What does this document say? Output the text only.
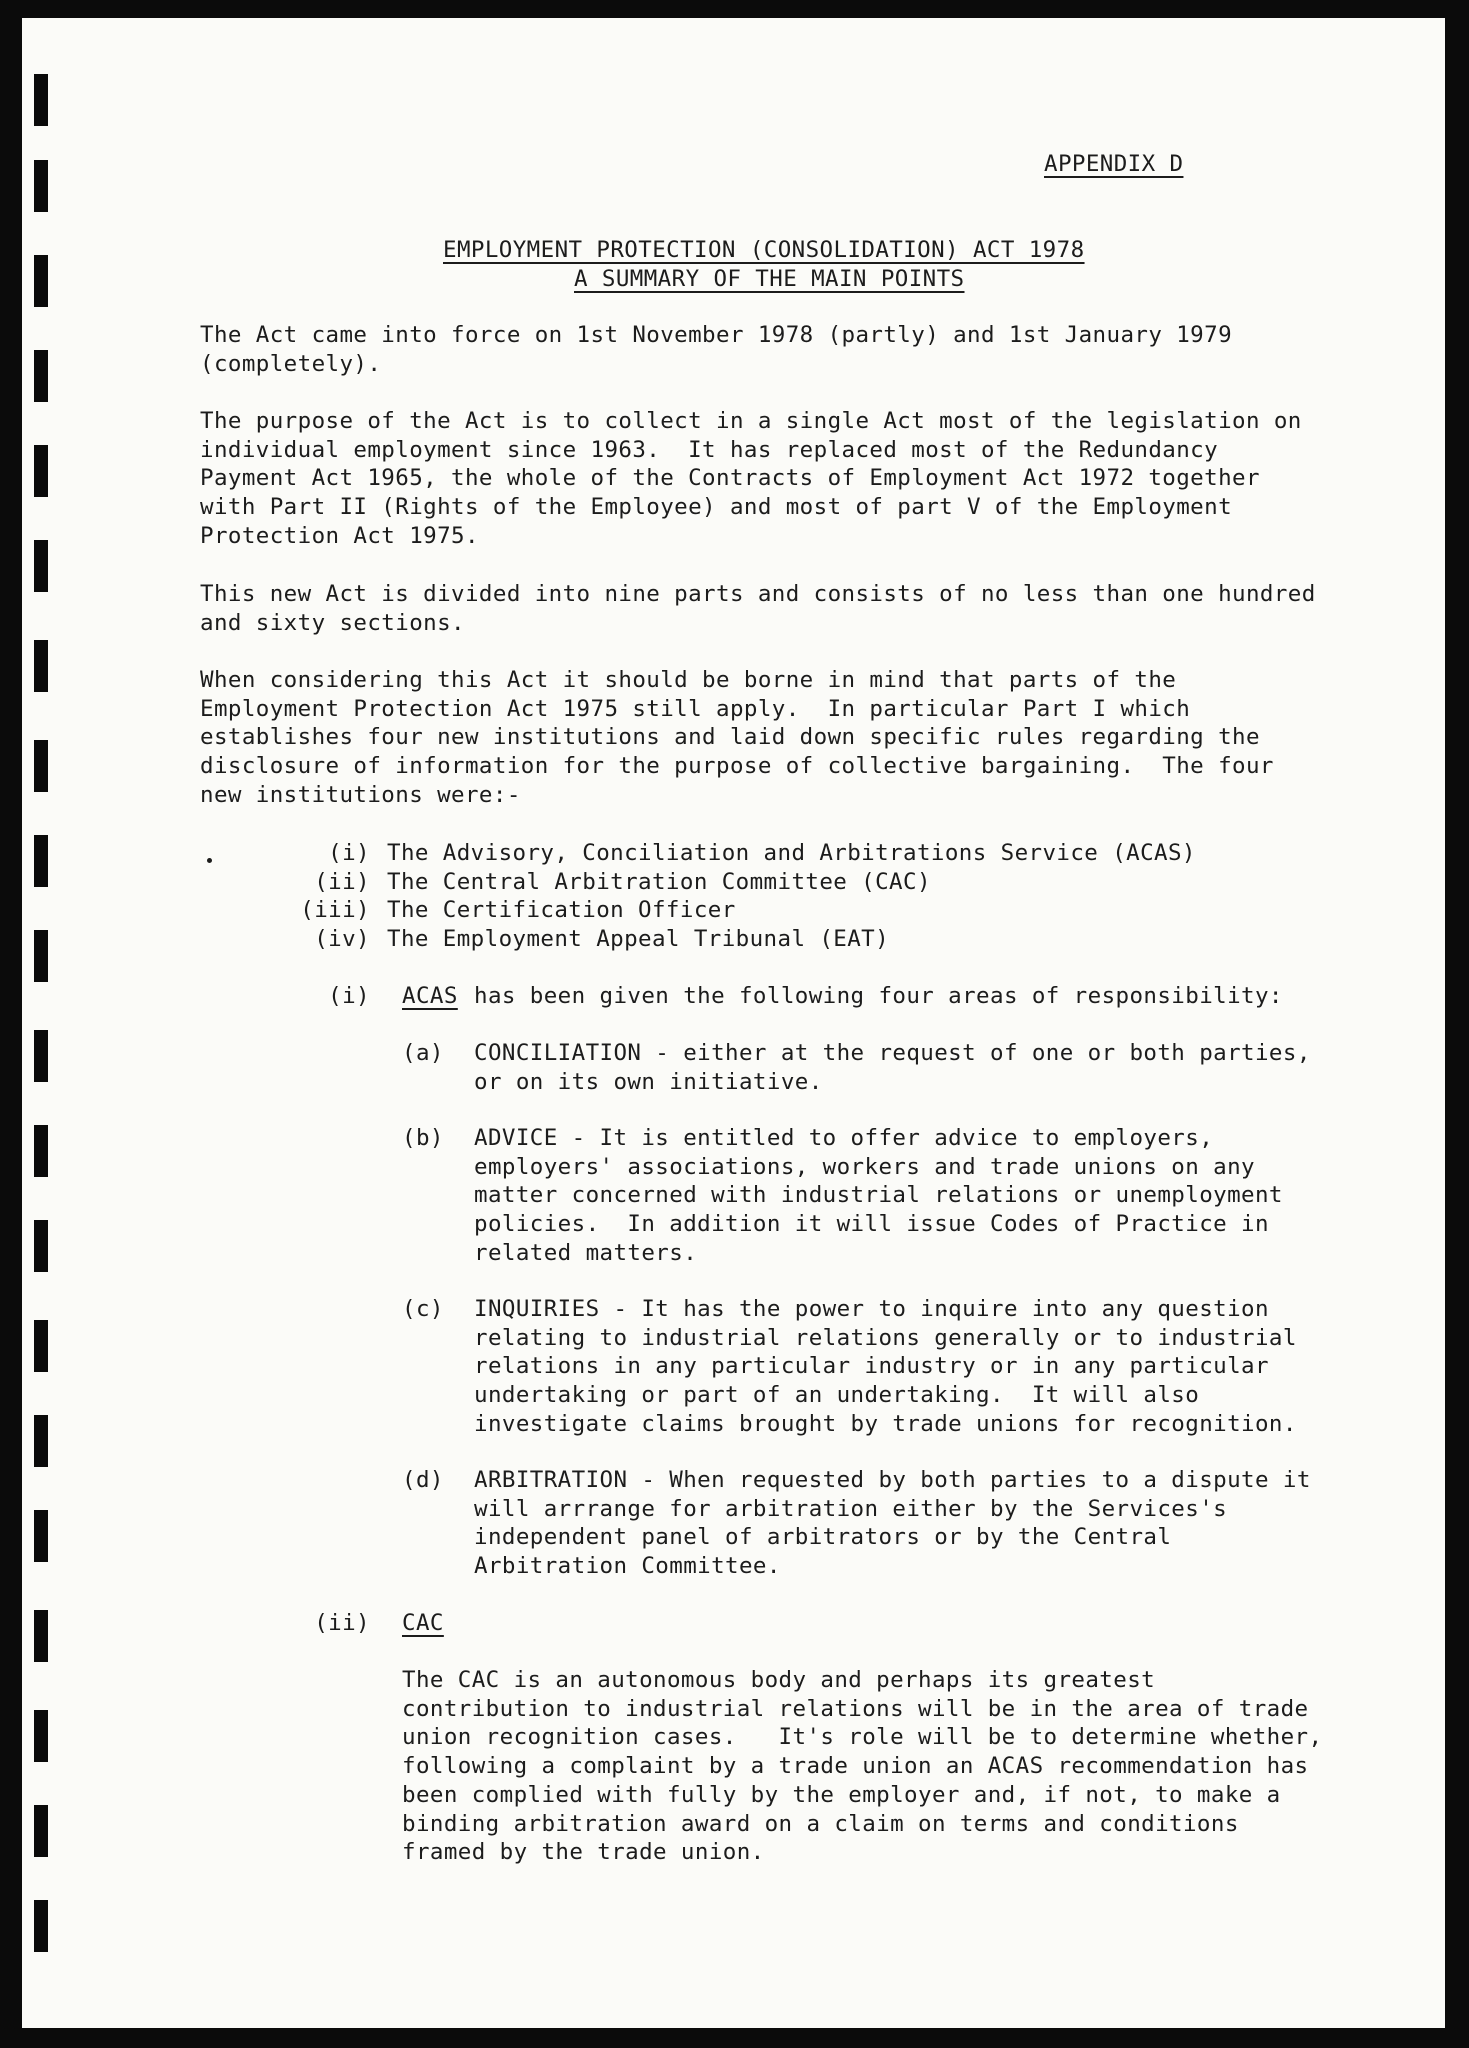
APPENDIX D
EMPLOYMENT PROTECTION (CONSOLIDATION) ACT 1978
A SUMMARY OF THE MAIN POINTS
The Act came into force on 1st November 1978 (partly) and 1st January 1979
(completely).
The purpose of the Act is to collect in a single Act most of the legislation on
individual employment since 1963.  It has replaced most of the Redundancy
Payment Act 1965, the whole of the Contracts of Employment Act 1972 together
with Part II (Rights of the Employee) and most of part V of the Employment
Protection Act 1975.
This new Act is divided into nine parts and consists of no less than one hundred
and sixty sections.
When considering this Act it should be borne in mind that parts of the
Employment Protection Act 1975 still apply.  In particular Part I which
establishes four new institutions and laid down specific rules regarding the
disclosure of information for the purpose of collective bargaining.  The four
new institutions were:-
(i) The Advisory, Conciliation and Arbitrations Service (ACAS)
(ii) The Central Arbitration Committee (CAC)
(iii) The Certification Officer
(iv) The Employment Appeal Tribunal (EAT)
(i) ACAS has been given the following four areas of responsibility:
(a) CONCILIATION - either at the request of one or both parties,
or on its own initiative.
(b) ADVICE - It is entitled to offer advice to employers,
employers' associations, workers and trade unions on any
matter concerned with industrial relations or unemployment
policies.  In addition it will issue Codes of Practice in
related matters.
(c) INQUIRIES - It has the power to inquire into any question
relating to industrial relations generally or to industrial
relations in any particular industry or in any particular
undertaking or part of an undertaking.  It will also
investigate claims brought by trade unions for recognition.
(d) ARBITRATION - When requested by both parties to a dispute it
will arrrange for arbitration either by the Services's
independent panel of arbitrators or by the Central
Arbitration Committee.
(ii) CAC
The CAC is an autonomous body and perhaps its greatest
contribution to industrial relations will be in the area of trade
union recognition cases.   It's role will be to determine whether,
following a complaint by a trade union an ACAS recommendation has
been complied with fully by the employer and, if not, to make a
binding arbitration award on a claim on terms and conditions
framed by the trade union.
